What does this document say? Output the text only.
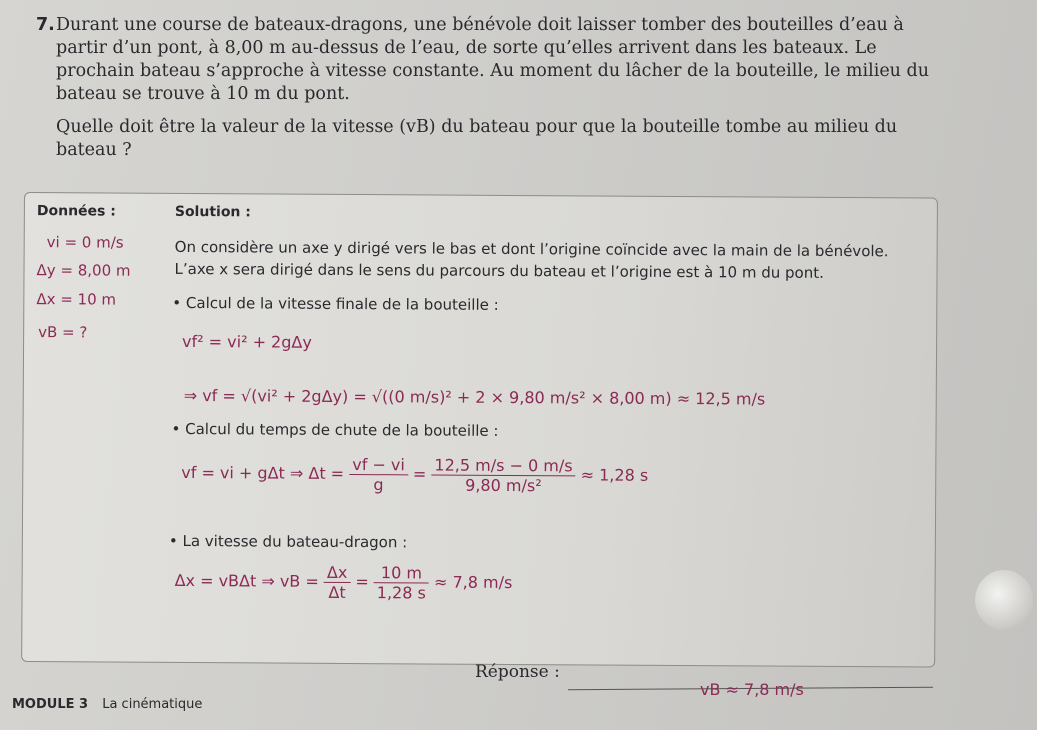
7. Durant une course de bateaux-dragons, une bénévole doit laisser tomber des bouteilles d’eau à partir d’un pont, à 8,00 m au-dessus de l’eau, de sorte qu’elles arrivent dans les bateaux. Le prochain bateau s’approche à vitesse constante. Au moment du lâcher de la bouteille, le milieu du bateau se trouve à 10 m du pont.

Quelle doit être la valeur de la vitesse (vB) du bateau pour que la bouteille tombe au milieu du bateau ?

Données :	Solution :
vi = 0 m/s
Δy = 8,00 m
Δx = 10 m
vB = ?
On considère un axe y dirigé vers le bas et dont l’origine coïncide avec la main de la bénévole.
L’axe x sera dirigé dans le sens du parcours du bateau et l’origine est à 10 m du pont.
• Calcul de la vitesse finale de la bouteille :
vf² = vi² + 2gΔy
⇒ vf = √(vi² + 2gΔy) = √((0 m/s)² + 2 × 9,80 m/s² × 8,00 m) ≈ 12,5 m/s
• Calcul du temps de chute de la bouteille :
vf = vi + gΔt ⇒ $\Delta t = \frac{vf - vi}{g} = \frac{12,5 m/s - 0 m/s}{\text{9,80 m/s²}} \approx 1,28$ s
• La vitesse du bateau-dragon :
Δx = vBΔt ⇒ vB = $\frac{\Delta x}{\Delta t} = \frac{10 m}{1,28 s} \approx 7,8$ m/s
Réponse :
vB ≈ 7,8 m/s
MODULE 3 La cinématique
